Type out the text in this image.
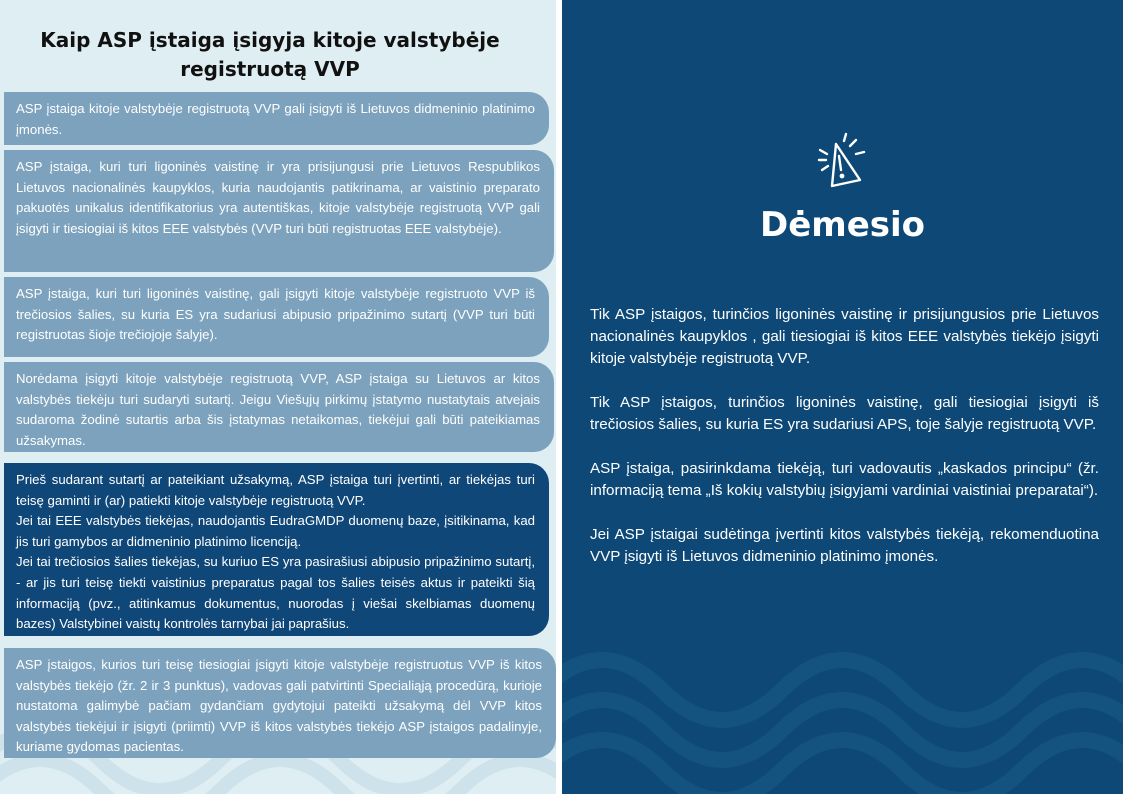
Kaip ASP įstaiga įsigyja kitoje valstybėje
registruotą VVP

ASP įstaiga kitoje valstybėje registruotą VVP gali įsigyti iš Lietuvos didmeninio platinimo įmonės.

ASP įstaiga, kuri turi ligoninės vaistinę ir yra prisijungusi prie Lietuvos Respublikos Lietuvos nacionalinės kaupyklos, kuria naudojantis patikrinama, ar vaistinio preparato pakuotės unikalus identifikatorius yra autentiškas, kitoje valstybėje registruotą VVP gali įsigyti ir tiesiogiai iš kitos EEE valstybės (VVP turi būti registruotas EEE valstybėje).

ASP įstaiga, kuri turi ligoninės vaistinę, gali įsigyti kitoje valstybėje registruoto VVP iš trečiosios šalies, su kuria ES yra sudariusi abipusio pripažinimo sutartį (VVP turi būti registruotas šioje trečiojoje šalyje).

Norėdama įsigyti kitoje valstybėje registruotą VVP, ASP įstaiga su Lietuvos ar kitos valstybės tiekėju turi sudaryti sutartį. Jeigu Viešųjų pirkimų įstatymo nustatytais atvejais sudaroma žodinė sutartis arba šis įstatymas netaikomas, tiekėjui gali būti pateikiamas užsakymas.

Prieš sudarant sutartį ar pateikiant užsakymą, ASP įstaiga turi įvertinti, ar tiekėjas turi teisę gaminti ir (ar) patiekti kitoje valstybėje registruotą VVP.

Jei tai EEE valstybės tiekėjas, naudojantis EudraGMDP duomenų baze, įsitikinama, kad jis turi gamybos ar didmeninio platinimo licenciją.

Jei tai trečiosios šalies tiekėjas, su kuriuo ES yra pasirašiusi abipusio pripažinimo sutartį, - ar jis turi teisę tiekti vaistinius preparatus pagal tos šalies teisės aktus ir pateikti šią informaciją (pvz., atitinkamus dokumentus, nuorodas į viešai skelbiamas duomenų bazes) Valstybinei vaistų kontrolės tarnybai jai paprašius.

ASP įstaigos, kurios turi teisę tiesiogiai įsigyti kitoje valstybėje registruotus VVP iš kitos valstybės tiekėjo (žr. 2 ir 3 punktus), vadovas gali patvirtinti Specialiąją procedūrą, kurioje nustatoma galimybė pačiam gydančiam gydytojui pateikti užsakymą dėl VVP kitos valstybės tiekėjui ir įsigyti (priimti) VVP iš kitos valstybės tiekėjo ASP įstaigos padalinyje, kuriame gydomas pacientas.

Dėmesio

Tik ASP įstaigos, turinčios ligoninės vaistinę ir prisijungusios prie Lietuvos nacionalinės kaupyklos , gali tiesiogiai iš kitos EEE valstybės tiekėjo įsigyti kitoje valstybėje registruotą VVP.

Tik ASP įstaigos, turinčios ligoninės vaistinę, gali tiesiogiai įsigyti iš trečiosios šalies, su kuria ES yra sudariusi APS, toje šalyje registruotą VVP.

ASP įstaiga, pasirinkdama tiekėją, turi vadovautis „kaskados principu“ (žr. informaciją tema „Iš kokių valstybių įsigyjami vardiniai vaistiniai preparatai“).

Jei ASP įstaigai sudėtinga įvertinti kitos valstybės tiekėją, rekomenduotina VVP įsigyti iš Lietuvos didmeninio platinimo įmonės.
